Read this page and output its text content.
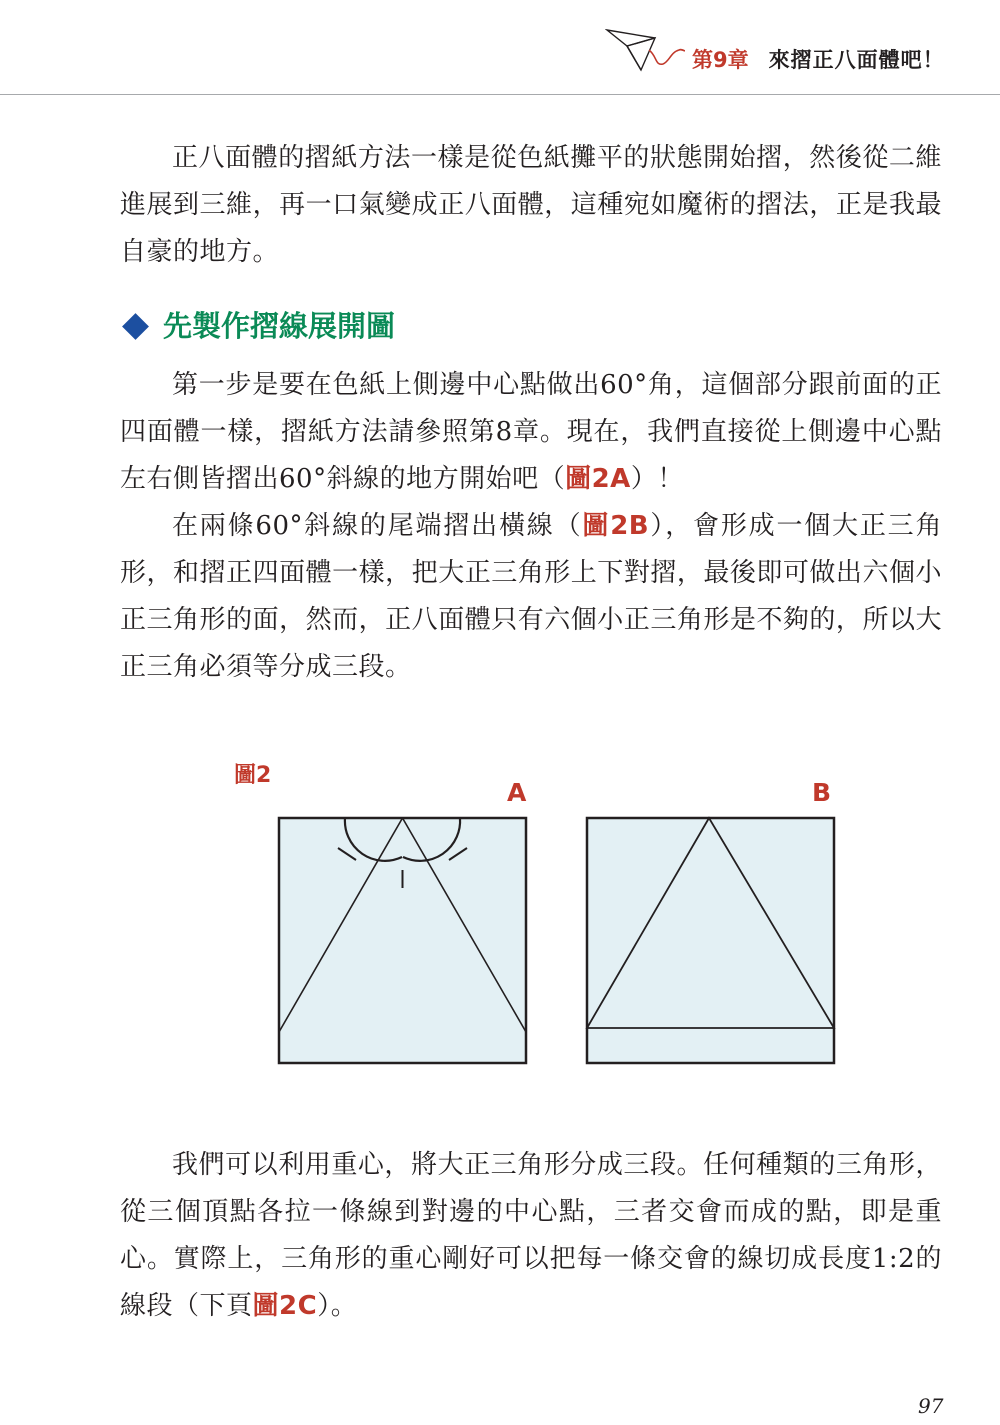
第9章 來摺正八面體吧！

正八面體的摺紙方法一樣是從色紙攤平的狀態開始摺，然後從二維進展到三維，再一口氣變成正八面體，這種宛如魔術的摺法，正是我最自豪的地方。

先製作摺線展開圖

第一步是要在色紙上側邊中心點做出60°角，這個部分跟前面的正四面體一樣，摺紙方法請參照第8章。現在，我們直接從上側邊中心點左右側皆摺出60°斜線的地方開始吧（圖2A）！

在兩條60°斜線的尾端摺出橫線（圖2B），會形成一個大正三角形，和摺正四面體一樣，把大正三角形上下對摺，最後即可做出六個小正三角形的面，然而，正八面體只有六個小正三角形是不夠的，所以大正三角必須等分成三段。

圖2
A	B

我們可以利用重心，將大正三角形分成三段。任何種類的三角形，從三個頂點各拉一條線到對邊的中心點，三者交會而成的點，即是重心。實際上，三角形的重心剛好可以把每一條交會的線切成長度1:2的線段（下頁圖2C）。

97
